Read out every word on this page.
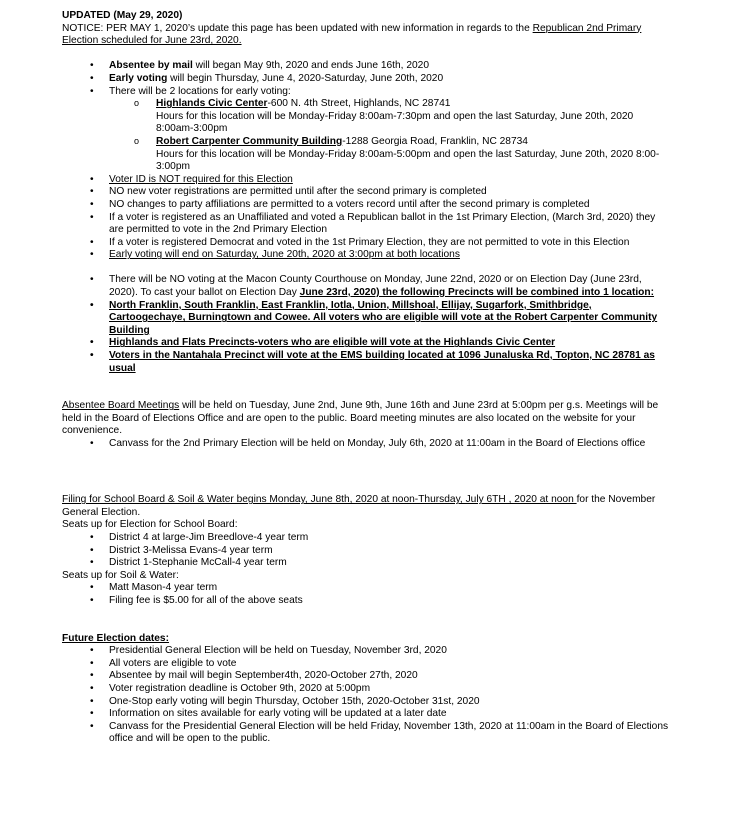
UPDATED (May 29, 2020)

NOTICE: PER MAY 1, 2020’s update this page has been updated with new information in regards to the Republican 2nd Primary Election scheduled for June 23rd, 2020.

• Absentee by mail will began May 9th, 2020 and ends June 16th, 2020
• Early voting will begin Thursday, June 4, 2020-Saturday, June 20th, 2020
• There will be 2 locations for early voting:
o Highlands Civic Center-600 N. 4th Street, Highlands, NC 28741
Hours for this location will be Monday-Friday 8:00am-7:30pm and open the last Saturday, June 20th, 2020 8:00am-3:00pm
o Robert Carpenter Community Building-1288 Georgia Road, Franklin, NC 28734
Hours for this location will be Monday-Friday 8:00am-5:00pm and open the last Saturday, June 20th, 2020 8:00-3:00pm
• Voter ID is NOT required for this Election
• NO new voter registrations are permitted until after the second primary is completed
• NO changes to party affiliations are permitted to a voters record until after the second primary is completed
• If a voter is registered as an Unaffiliated and voted a Republican ballot in the 1st Primary Election, (March 3rd, 2020) they are permitted to vote in the 2nd Primary Election
• If a voter is registered Democrat and voted in the 1st Primary Election, they are not permitted to vote in this Election
• Early voting will end on Saturday, June 20th, 2020 at 3:00pm at both locations
• There will be NO voting at the Macon County Courthouse on Monday, June 22nd, 2020 or on Election Day (June 23rd, 2020). To cast your ballot on Election Day June 23rd, 2020) the following Precincts will be combined into 1 location:
• North Franklin, South Franklin, East Franklin, Iotla, Union, Millshoal, Ellijay, Sugarfork, Smithbridge, Cartoogechaye, Burningtown and Cowee. All voters who are eligible will vote at the Robert Carpenter Community Building
• Highlands and Flats Precincts-voters who are eligible will vote at the Highlands Civic Center
• Voters in the Nantahala Precinct will vote at the EMS building located at 1096 Junaluska Rd, Topton, NC 28781 as usual

Absentee Board Meetings will be held on Tuesday, June 2nd, June 9th, June 16th and June 23rd at 5:00pm per g.s. Meetings will be held in the Board of Elections Office and are open to the public. Board meeting minutes are also located on the website for your convenience.

• Canvass for the 2nd Primary Election will be held on Monday, July 6th, 2020 at 11:00am in the Board of Elections office

Filing for School Board & Soil & Water begins Monday, June 8th, 2020 at noon-Thursday, July 6TH , 2020 at noon for the November General Election.

Seats up for Election for School Board:

• District 4 at large-Jim Breedlove-4 year term
• District 3-Melissa Evans-4 year term
• District 1-Stephanie McCall-4 year term

Seats up for Soil & Water:

• Matt Mason-4 year term
• Filing fee is $5.00 for all of the above seats

Future Election dates:

• Presidential General Election will be held on Tuesday, November 3rd, 2020
• All voters are eligible to vote
• Absentee by mail will begin September4th, 2020-October 27th, 2020
• Voter registration deadline is October 9th, 2020 at 5:00pm
• One-Stop early voting will begin Thursday, October 15th, 2020-October 31st, 2020
• Information on sites available for early voting will be updated at a later date
• Canvass for the Presidential General Election will be held Friday, November 13th, 2020 at 11:00am in the Board of Elections office and will be open to the public.
